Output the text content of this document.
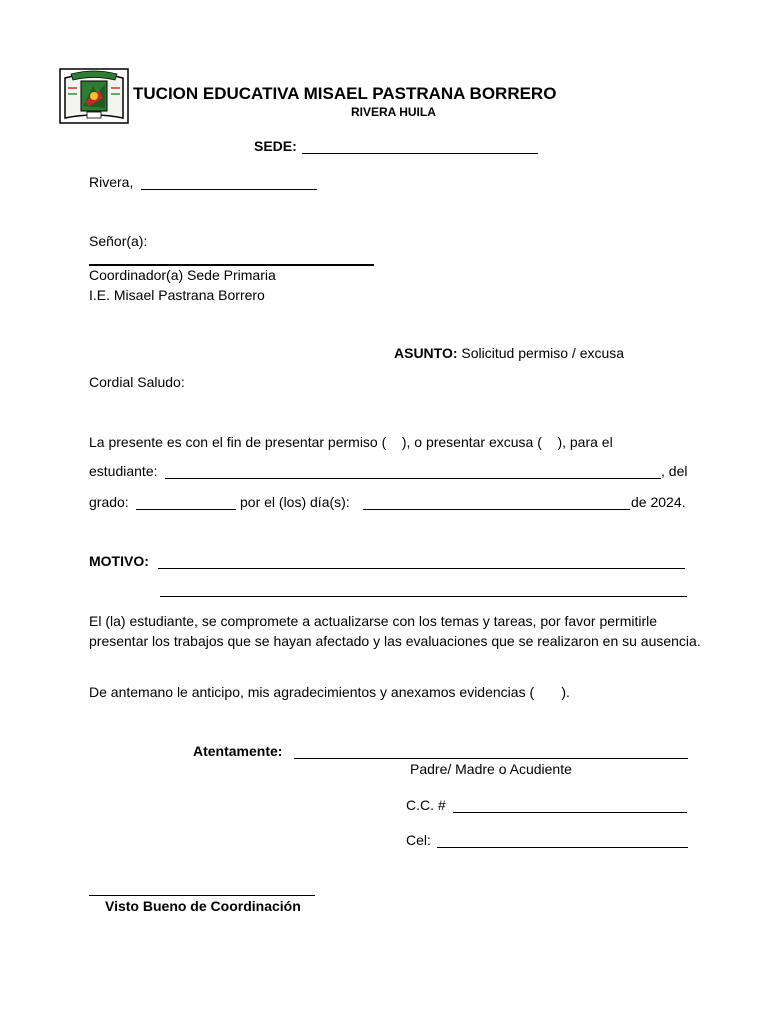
TUCION EDUCATIVA MISAEL PASTRANA BORRERO
RIVERA HUILA
SEDE:
Rivera,
Señor(a):
Coordinador(a) Sede Primaria
I.E. Misael Pastrana Borrero
ASUNTO: Solicitud permiso / excusa
Cordial Saludo:
La presente es con el fin de presentar permiso (    ), o presentar excusa (    ), para el
estudiante:	, del
grado:	por el (los) día(s):	de 2024.
MOTIVO:
El (la) estudiante, se compromete a actualizarse con los temas y tareas, por favor permitirle presentar los trabajos que se hayan afectado y las evaluaciones que se realizaron en su ausencia.
De antemano le anticipo, mis agradecimientos y anexamos evidencias (       ).
Atentamente:
Padre/ Madre o Acudiente
C.C. #
Cel:
Visto Bueno de Coordinación
